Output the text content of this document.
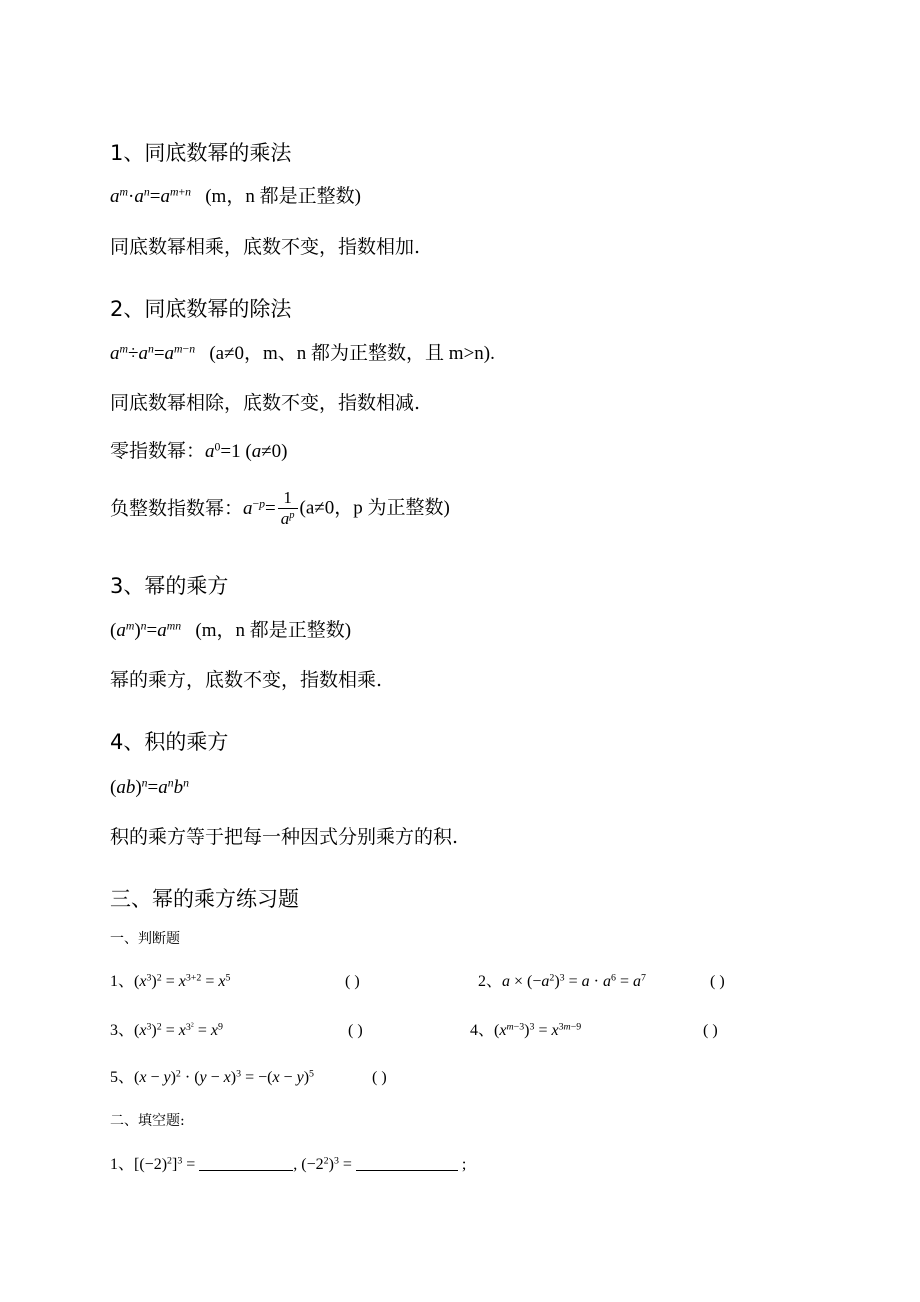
1、同底数幂的乘法
$a^m\cdot a^n=a^{m+n}$ (m，n 都是正整数)
同底数幂相乘，底数不变，指数相加.
2、同底数幂的除法
$a^m\div a^n=a^{m-n}$ (a≠0，m、n 都为正整数，且 m>n).
同底数幂相除，底数不变，指数相减.
零指数幂：$a^0=1$ (a≠0)
负整数指数幂：$a^{-p}= \frac{1}{a^p} (a\ne 0$，p 为正整数)
3、幂的乘方
$(a^m)^n=a^{mn}$ (m，n 都是正整数)
幂的乘方，底数不变，指数相乘.
4、积的乘方
$(ab)^n=a^nb^n$
积的乘方等于把每一种因式分别乘方的积.
三、幂的乘方练习题
一、判断题
1、$(x^3)^2 = x^{3+2} = x^5$	( )	2、$a \times (-a^2)^3 = a \cdot a^6 = a^7$	( )
3、$(x^3)^2 = x^{3^2} = x^9$	( )	4、$(x^{m-3})^3 = x^{3m-9}$	( )
5、$(x - y)^2 \cdot (y - x)^3 = -(x - y)^5$	( )
二、填空题:
1、$[(-2)^2]^3$ =	, $(-2^2)^3$ =	;
